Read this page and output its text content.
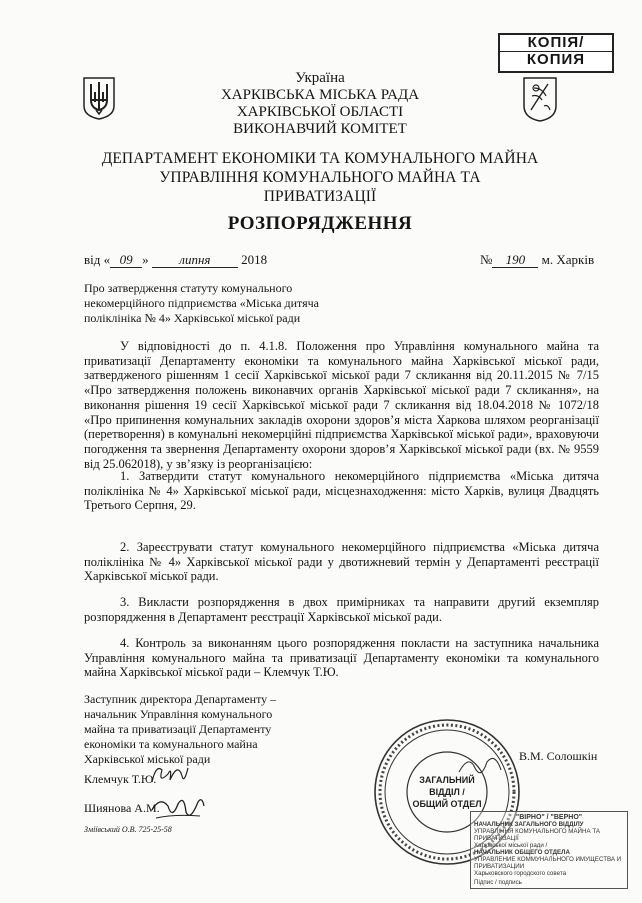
КОПІЯ/
КОПИЯ
Україна
ХАРКІВСЬКА МІСЬКА РАДА
ХАРКІВСЬКОЇ ОБЛАСТІ
ВИКОНАВЧИЙ КОМІТЕТ
ДЕПАРТАМЕНТ ЕКОНОМІКИ ТА КОМУНАЛЬНОГО МАЙНА
УПРАВЛІННЯ КОМУНАЛЬНОГО МАЙНА ТА
ПРИВАТИЗАЦІЇ
РОЗПОРЯДЖЕННЯ
від « 09 » липня 2018	№ 190 м. Харків
Про затвердження статуту комунального
некомерційного підприємства «Міська дитяча
поліклініка № 4» Харківської міської ради
У відповідності до п. 4.1.8. Положення про Управління комунального майна та приватизації Департаменту економіки та комунального майна Харківської міської ради, затвердженого рішенням 1 сесії Харківської міської ради 7 скликання від 20.11.2015 № 7/15 «Про затвердження положень виконавчих органів Харківської міської ради 7 скликання», на виконання рішення 19 сесії Харківської міської ради 7 скликання від 18.04.2018 № 1072/18 «Про припинення комунальних закладів охорони здоров’я міста Харкова шляхом реорганізації (перетворення) в комунальні некомерційні підприємства Харківської міської ради», враховуючи погодження та звернення Департаменту охорони здоров’я Харківської міської ради (вх. № 9559 від 25.062018), у зв’язку із реорганізацією:
1. Затвердити статут комунального некомерційного підприємства «Міська дитяча поліклініка № 4» Харківської міської ради, місцезнаходження: місто Харків, вулиця Двадцять Третього Серпня, 29.
2. Зареєструвати статут комунального некомерційного підприємства «Міська дитяча поліклініка № 4» Харківської міської ради у двотижневий термін у Департаменті реєстрації Харківської міської ради.
3. Викласти розпорядження в двох примірниках та направити другий екземпляр розпорядження в Департамент реєстрації Харківської міської ради.
4. Контроль за виконанням цього розпорядження покласти на заступника начальника Управління комунального майна та приватизації Департаменту економіки та комунального майна Харківської міської ради – Клемчук Т.Ю.
Заступник директора Департаменту –
начальник Управління комунального
майна та приватизації Департаменту
економіки та комунального майна
Харківської міської ради	В.М. Солошкін
Клемчук Т.Ю.
Шиянова А.М.
Зміївський О.В. 725-25-58
ЗАГАЛЬНИЙ
ВІДДІЛ /
ОБЩИЙ ОТДЕЛ
"ВІРНО" / "ВЕРНО"
НАЧАЛЬНИК ЗАГАЛЬНОГО ВІДДІЛУ
УПРАВЛІННЯ КОМУНАЛЬНОГО МАЙНА ТА ПРИВАТИЗАЦІЇ
Харківської міської ради /
НАЧАЛЬНИК ОБЩЕГО ОТДЕЛА
УПРАВЛЕНИЕ КОММУНАЛЬНОГО ИМУЩЕСТВА И ПРИВАТИЗАЦИИ
Харьковского городского совета
Підпис / подпись
